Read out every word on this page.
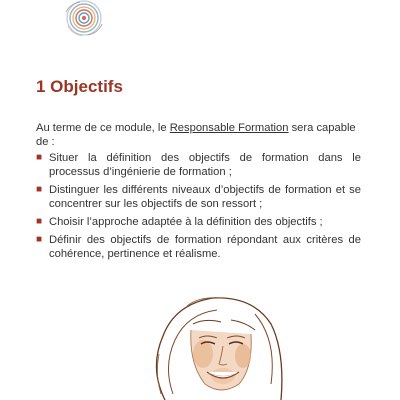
1 Objectifs
Au terme de ce module, le Responsable Formation sera capable de :
■ Situer la définition des objectifs de formation dans le processus d’ingénierie de formation ;
■ Distinguer les différents niveaux d’objectifs de formation et se concentrer sur les objectifs de son ressort ;
■ Choisir l’approche adaptée à la définition des objectifs ;
■ Définir des objectifs de formation répondant aux critères de cohérence, pertinence et réalisme.
